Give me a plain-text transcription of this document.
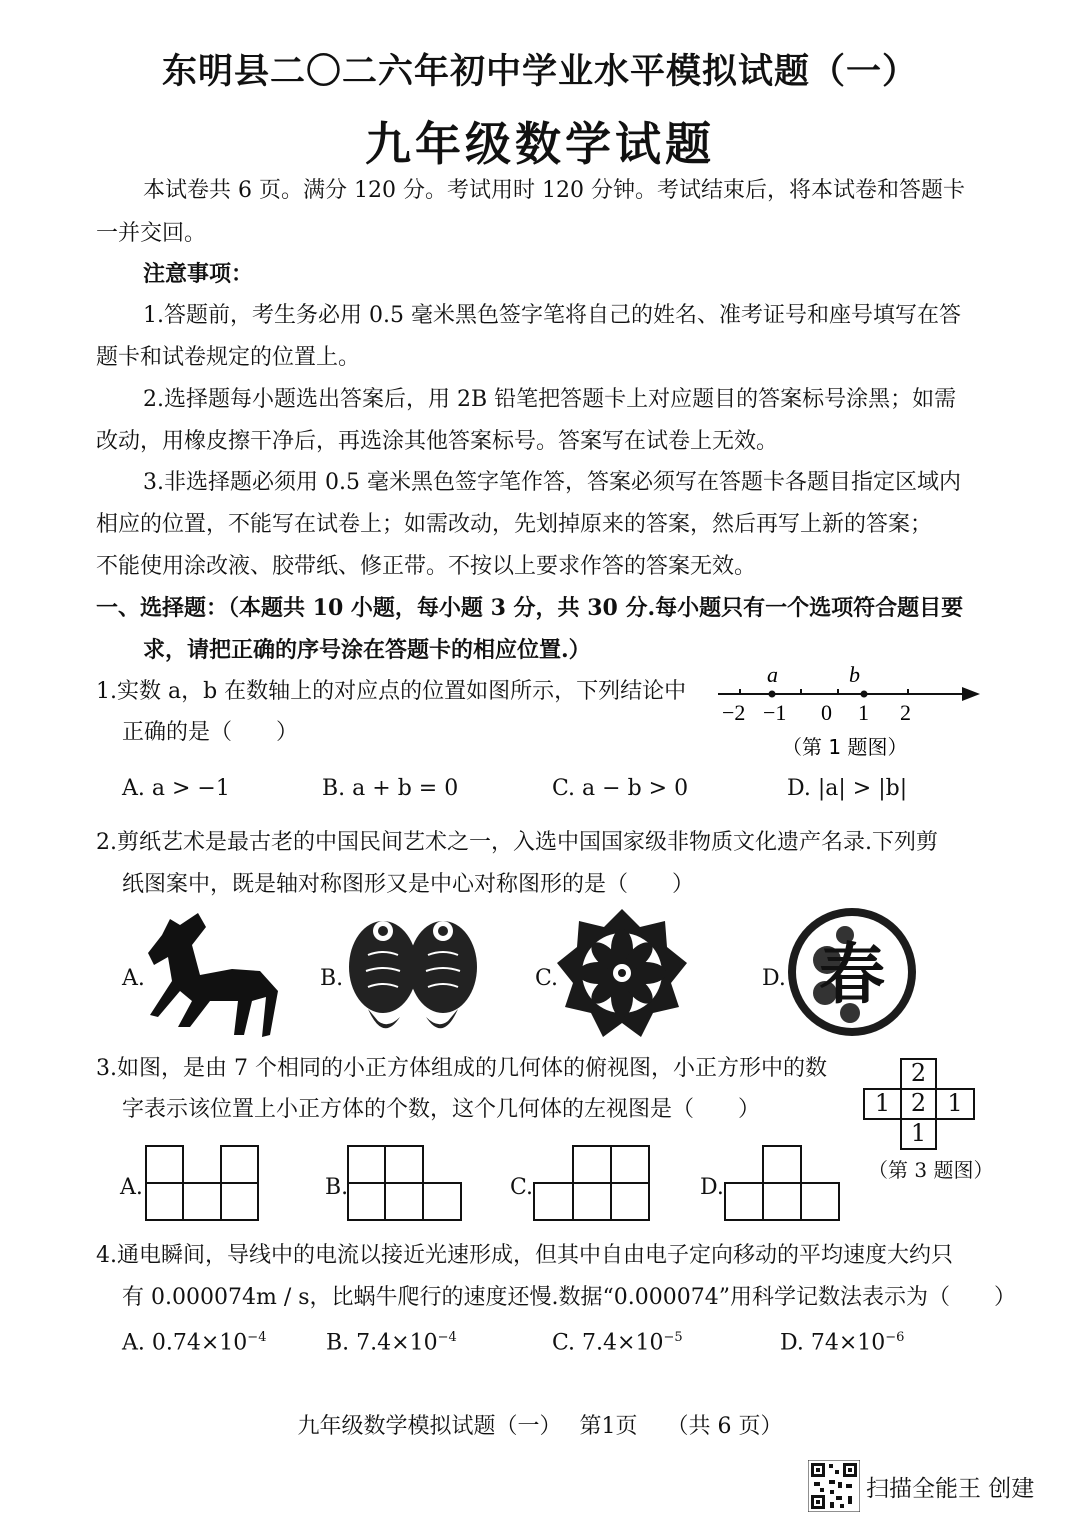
东明县二〇二六年初中学业水平模拟试题（一）
九年级数学试题
本试卷共 6 页。满分 120 分。考试用时 120 分钟。考试结束后，将本试卷和答题卡
一并交回。
注意事项：
1.答题前，考生务必用 0.5 毫米黑色签字笔将自己的姓名、准考证号和座号填写在答
题卡和试卷规定的位置上。
2.选择题每小题选出答案后，用 2B 铅笔把答题卡上对应题目的答案标号涂黑；如需
改动，用橡皮擦干净后，再选涂其他答案标号。答案写在试卷上无效。
3.非选择题必须用 0.5 毫米黑色签字笔作答，答案必须写在答题卡各题目指定区域内
相应的位置，不能写在试卷上；如需改动，先划掉原来的答案，然后再写上新的答案；
不能使用涂改液、胶带纸、修正带。不按以上要求作答的答案无效。
一、选择题：（本题共 10 小题，每小题 3 分，共 30 分.每小题只有一个选项符合题目要
求，请把正确的序号涂在答题卡的相应位置.）
1.实数 a，b 在数轴上的对应点的位置如图所示，下列结论中
正确的是（　　）
a	b
−2 −1 0 1 2
（第 1 题图）
A. a > −1	B. a + b = 0	C. a − b > 0	D. |a| > |b|
2.剪纸艺术是最古老的中国民间艺术之一，入选中国国家级非物质文化遗产名录.下列剪
纸图案中，既是轴对称图形又是中心对称图形的是（　　）
A.	B.	C.	D. 春
3.如图，是由 7 个相同的小正方体组成的几何体的俯视图，小正方形中的数
字表示该位置上小正方体的个数，这个几何体的左视图是（　　）
2
1 2 1
1
（第 3 题图）
A.	B.	C.	D.
4.通电瞬间，导线中的电流以接近光速形成，但其中自由电子定向移动的平均速度大约只
有 0.000074m / s，比蜗牛爬行的速度还慢.数据“0.000074”用科学记数法表示为（　　）
A. $0.74\times 10^{-4}$	B. $7.4\times 10^{-4}$	C. $7.4\times 10^{-5}$	D. $74\times 10^{-6}$
九年级数学模拟试题（一）　 第1页　 （共 6 页）
扫描全能王 创建
